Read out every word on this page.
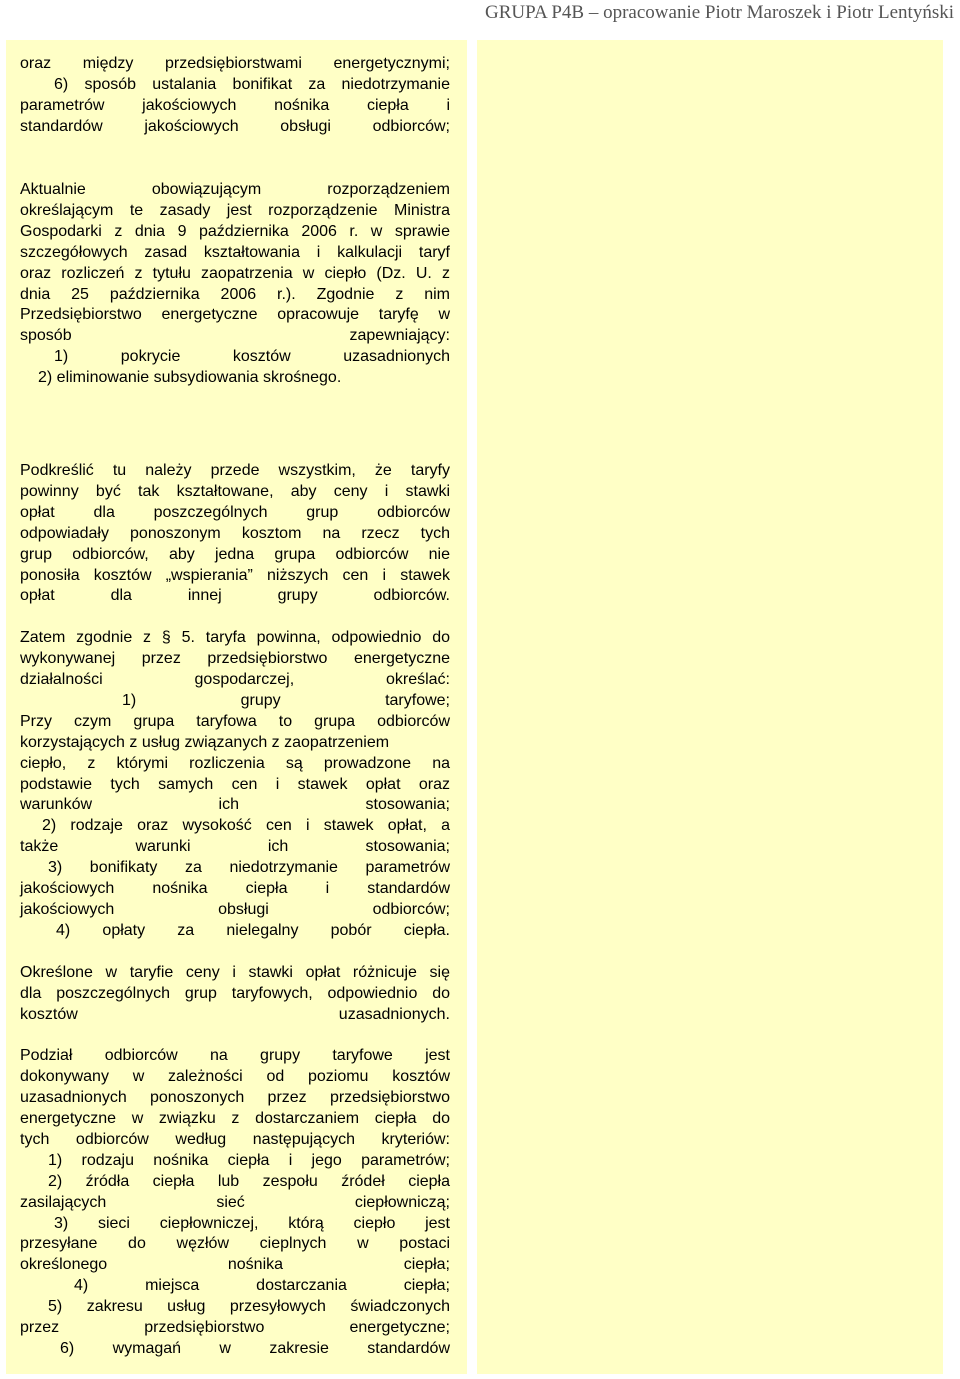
GRUPA P4B – opracowanie Piotr Maroszek i Piotr Lentyński

oraz między przedsiębiorstwami energetycznymi;

6) sposób ustalania bonifikat za niedotrzymanie

parametrów jakościowych nośnika ciepła i

standardów jakościowych obsługi odbiorców;

Aktualnie obowiązującym rozporządzeniem

określającym te zasady jest rozporządzenie Ministra

Gospodarki z dnia 9 października 2006 r. w sprawie

szczegółowych zasad kształtowania i kalkulacji taryf

oraz rozliczeń z tytułu zaopatrzenia w ciepło (Dz. U. z

dnia 25 października 2006 r.). Zgodnie z nim

Przedsiębiorstwo energetyczne opracowuje taryfę w

sposób zapewniający:

1) pokrycie kosztów uzasadnionych

2) eliminowanie subsydiowania skrośnego.

Podkreślić tu należy przede wszystkim, że taryfy

powinny być tak kształtowane, aby ceny i stawki

opłat dla poszczególnych grup odbiorców

odpowiadały ponoszonym kosztom na rzecz tych

grup odbiorców, aby jedna grupa odbiorców nie

ponosiła kosztów „wspierania” niższych cen i stawek

opłat dla innej grupy odbiorców.

Zatem zgodnie z § 5. taryfa powinna, odpowiednio do

wykonywanej przez przedsiębiorstwo energetyczne

działalności gospodarczej, określać:

1) grupy taryfowe;

Przy czym grupa taryfowa to grupa odbiorców

korzystających z usług związanych z zaopatrzeniem

ciepło, z którymi rozliczenia są prowadzone na

podstawie tych samych cen i stawek opłat oraz

warunków ich stosowania;

2) rodzaje oraz wysokość cen i stawek opłat, a

także warunki ich stosowania;

3) bonifikaty za niedotrzymanie parametrów

jakościowych nośnika ciepła i standardów

jakościowych obsługi odbiorców;

4) opłaty za nielegalny pobór ciepła.

Określone w taryfie ceny i stawki opłat różnicuje się

dla poszczególnych grup taryfowych, odpowiednio do

kosztów uzasadnionych.

Podział odbiorców na grupy taryfowe jest

dokonywany w zależności od poziomu kosztów

uzasadnionych ponoszonych przez przedsiębiorstwo

energetyczne w związku z dostarczaniem ciepła do

tych odbiorców według następujących kryteriów:

1) rodzaju nośnika ciepła i jego parametrów;

2) źródła ciepła lub zespołu źródeł ciepła

zasilających sieć ciepłowniczą;

3) sieci ciepłowniczej, którą ciepło jest

przesyłane do węzłów cieplnych w postaci

określonego nośnika ciepła;

4) miejsca dostarczania ciepła;

5) zakresu usług przesyłowych świadczonych

przez przedsiębiorstwo energetyczne;

6) wymagań w zakresie standardów
